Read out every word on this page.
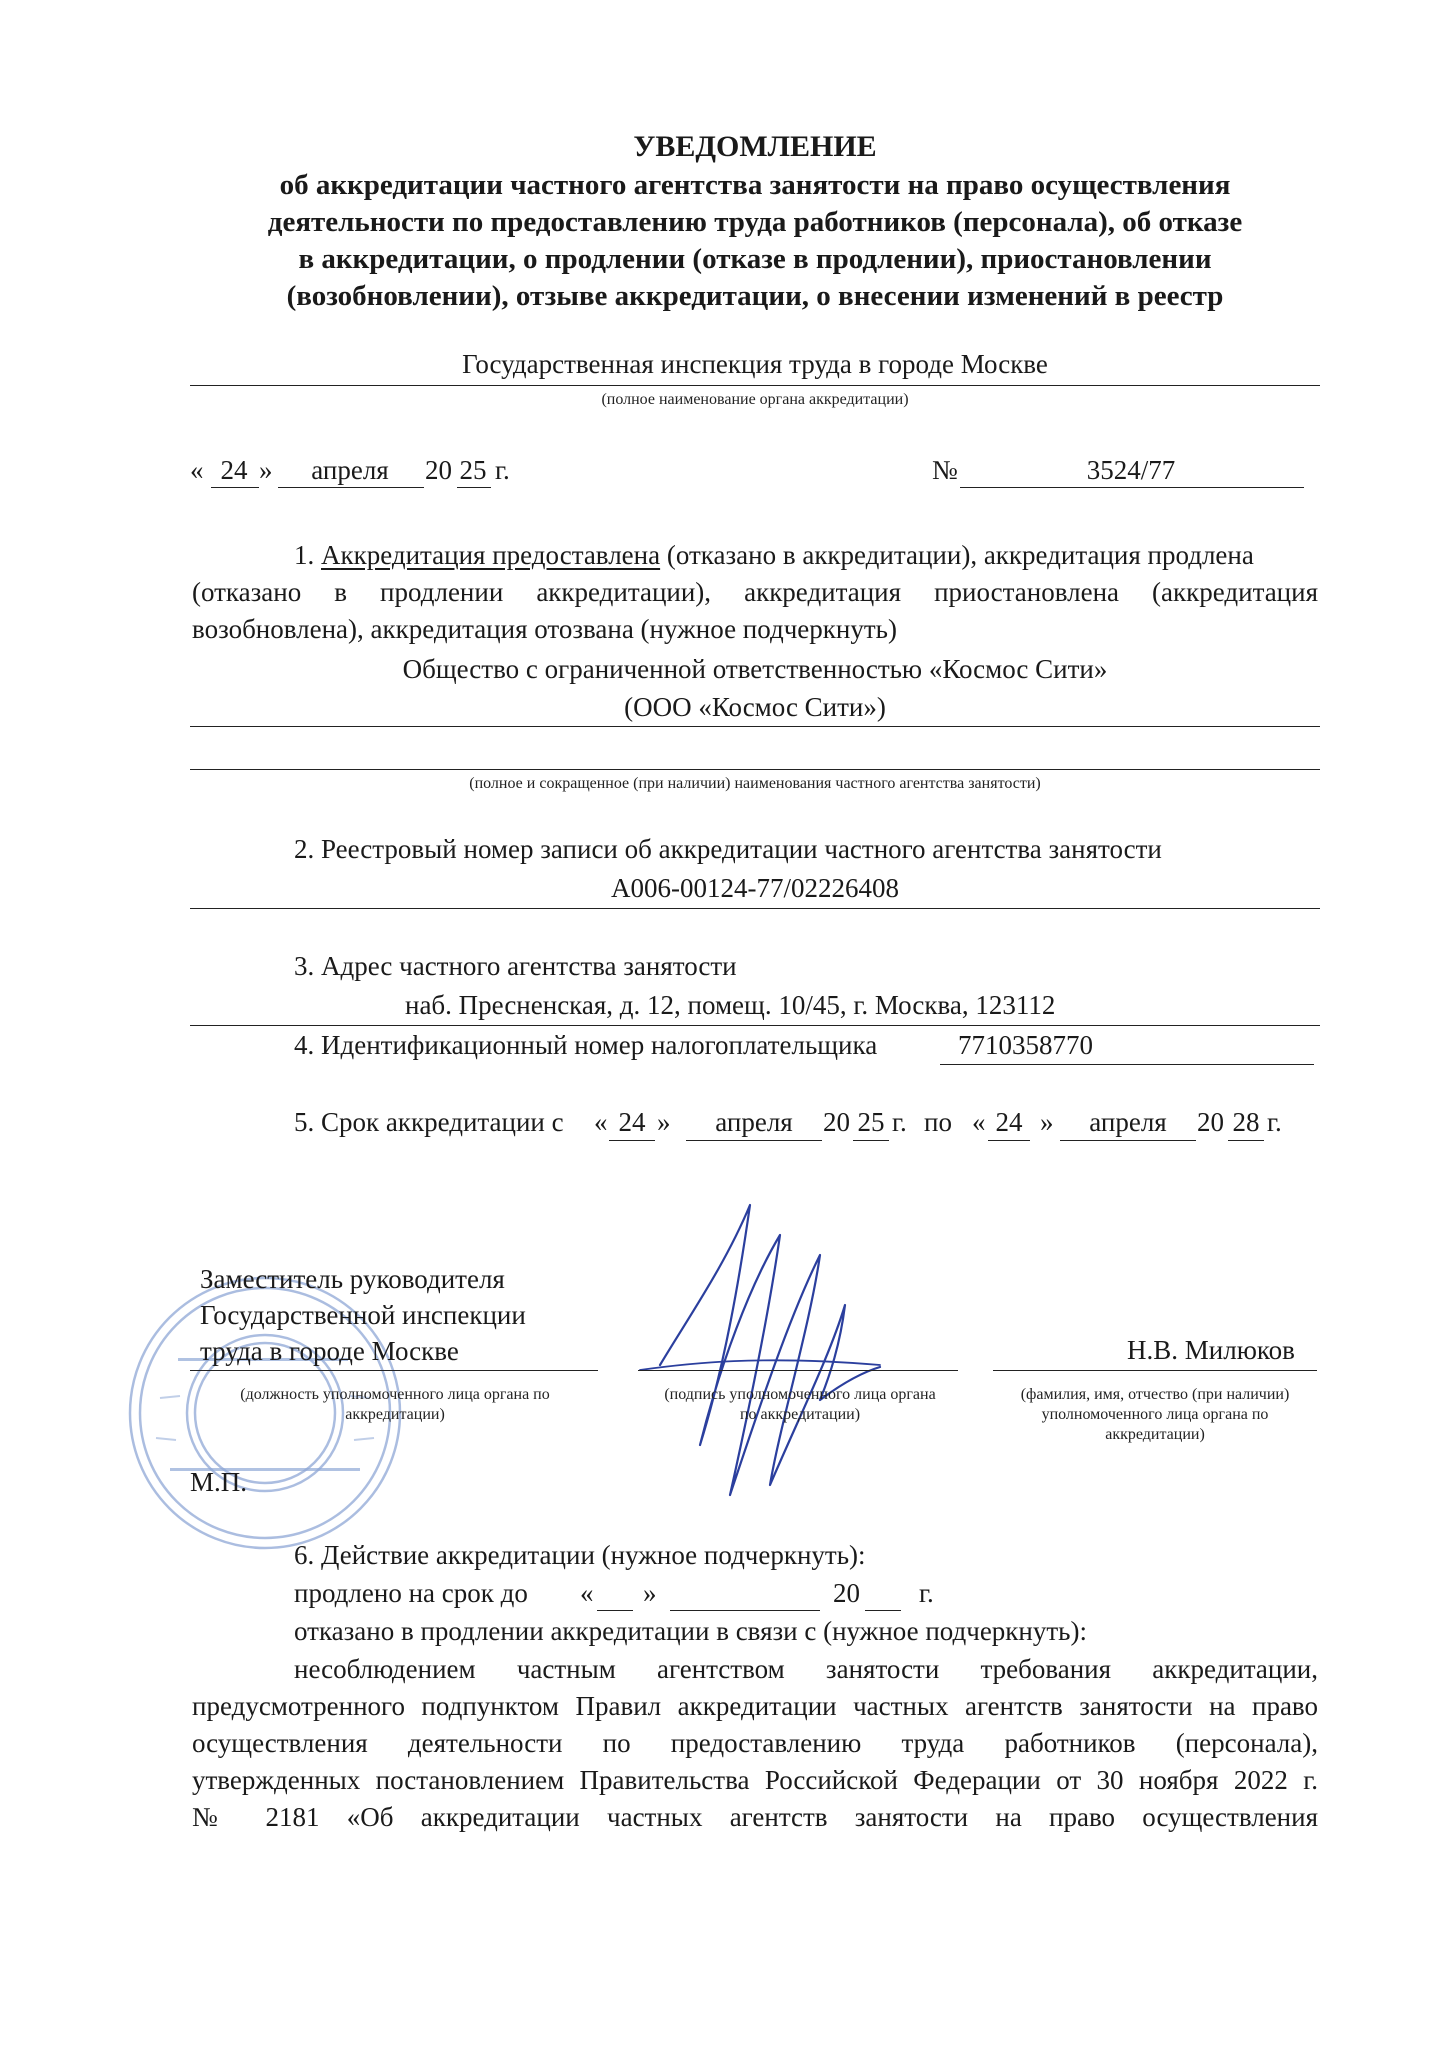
УВЕДОМЛЕНИЕ
об аккредитации частного агентства занятости на право осуществления
деятельности по предоставлению труда работников (персонала), об отказе
в аккредитации, о продлении (отказе в продлении), приостановлении
(возобновлении), отзыве аккредитации, о внесении изменений в реестр
Государственная инспекция труда в городе Москве
(полное наименование органа аккредитации)
« 24 »	апреля	20 25 г.	№	3524/77
1. Аккредитация предоставлена (отказано в аккредитации), аккредитация продлена
(отказано в продлении аккредитации), аккредитация приостановлена (аккредитация
возобновлена), аккредитация отозвана (нужное подчеркнуть)
Общество с ограниченной ответственностью «Космос Сити»
(ООО «Космос Сити»)
(полное и сокращенное (при наличии) наименования частного агентства занятости)
2. Реестровый номер записи об аккредитации частного агентства занятости
А006-00124-77/02226408
3. Адрес частного агентства занятости
наб. Пресненская, д. 12, помещ. 10/45, г. Москва, 123112
4. Идентификационный номер налогоплательщика	7710358770
5. Срок аккредитации с « 24 »	апреля	20 25 г. по « 24 »	апреля	20 28 г.
Заместитель руководителя
Государственной инспекции
труда в городе Москве	Н.В. Милюков
(должность уполномоченного лица органа по аккредитации)
(подпись уполномоченного лица органа по аккредитации)
(фамилия, имя, отчество (при наличии) уполномоченного лица органа по аккредитации)
М.П.
6. Действие аккредитации (нужное подчеркнуть):
продлено на срок до « »	20 г.
отказано в продлении аккредитации в связи с (нужное подчеркнуть):
несоблюдением частным агентством занятости требования аккредитации,
предусмотренного подпунктом Правил аккредитации частных агентств занятости на право
осуществления деятельности по предоставлению труда работников (персонала),
утвержденных постановлением Правительства Российской Федерации от 30 ноября 2022 г.
№ 2181 «Об аккредитации частных агентств занятости на право осуществления
